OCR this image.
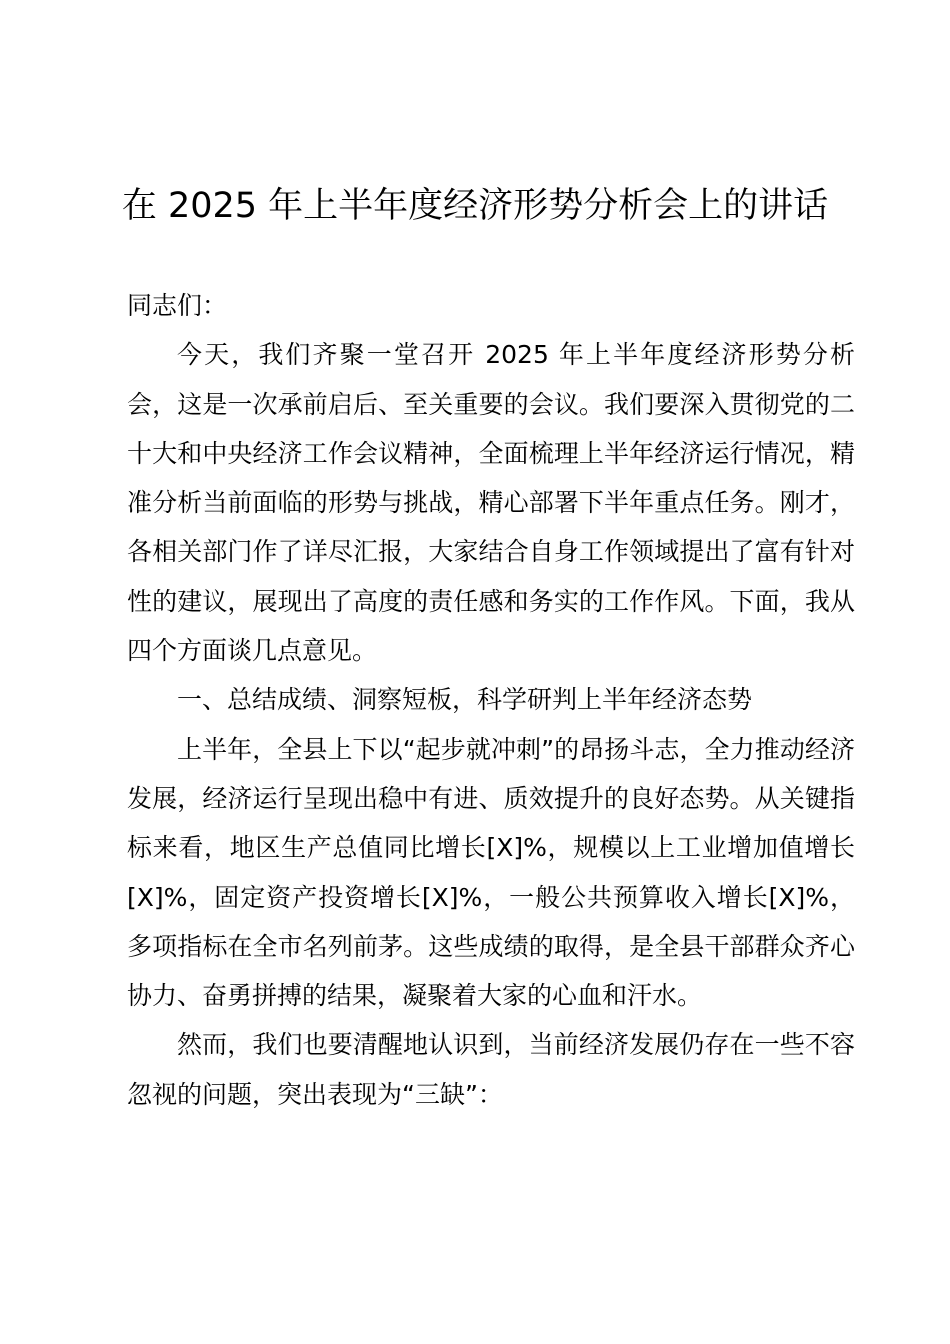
在 2025 年上半年度经济形势分析会上的讲话

同志们：

今天，我们齐聚一堂召开 2025 年上半年度经济形势分析会，这是一次承前启后、至关重要的会议。我们要深入贯彻党的二十大和中央经济工作会议精神，全面梳理上半年经济运行情况，精准分析当前面临的形势与挑战，精心部署下半年重点任务。刚才，各相关部门作了详尽汇报，大家结合自身工作领域提出了富有针对性的建议，展现出了高度的责任感和务实的工作作风。下面，我从四个方面谈几点意见。

一、总结成绩、洞察短板，科学研判上半年经济态势

上半年，全县上下以“起步就冲刺”的昂扬斗志，全力推动经济发展，经济运行呈现出稳中有进、质效提升的良好态势。从关键指标来看，地区生产总值同比增长[X]%，规模以上工业增加值增长[X]%，固定资产投资增长[X]%，一般公共预算收入增长[X]%，多项指标在全市名列前茅。这些成绩的取得，是全县干部群众齐心协力、奋勇拼搏的结果，凝聚着大家的心血和汗水。

然而，我们也要清醒地认识到，当前经济发展仍存在一些不容忽视的问题，突出表现为“三缺”：
